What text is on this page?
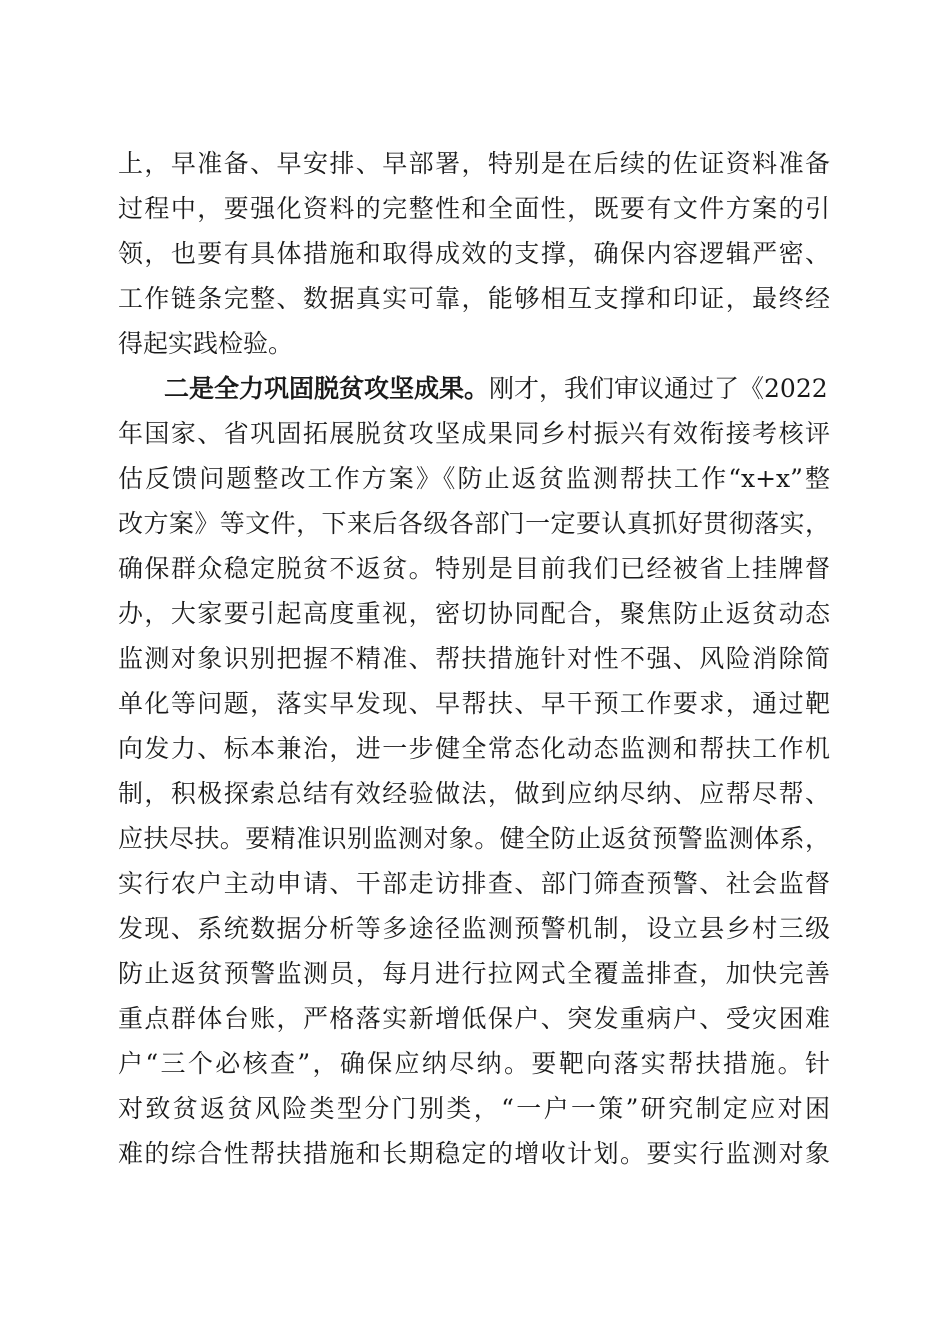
上，早准备、早安排、早部署，特别是在后续的佐证资料准备
过程中，要强化资料的完整性和全面性，既要有文件方案的引
领，也要有具体措施和取得成效的支撑，确保内容逻辑严密、
工作链条完整、数据真实可靠，能够相互支撑和印证，最终经
得起实践检验。
二是全力巩固脱贫攻坚成果。刚才，我们审议通过了《2022
年国家、省巩固拓展脱贫攻坚成果同乡村振兴有效衔接考核评
估反馈问题整改工作方案》《防止返贫监测帮扶工作“x+x”整
改方案》等文件，下来后各级各部门一定要认真抓好贯彻落实，
确保群众稳定脱贫不返贫。特别是目前我们已经被省上挂牌督
办，大家要引起高度重视，密切协同配合，聚焦防止返贫动态
监测对象识别把握不精准、帮扶措施针对性不强、风险消除简
单化等问题，落实早发现、早帮扶、早干预工作要求，通过靶
向发力、标本兼治，进一步健全常态化动态监测和帮扶工作机
制，积极探索总结有效经验做法，做到应纳尽纳、应帮尽帮、
应扶尽扶。要精准识别监测对象。健全防止返贫预警监测体系，
实行农户主动申请、干部走访排查、部门筛查预警、社会监督
发现、系统数据分析等多途径监测预警机制，设立县乡村三级
防止返贫预警监测员，每月进行拉网式全覆盖排查，加快完善
重点群体台账，严格落实新增低保户、突发重病户、受灾困难
户“三个必核查”，确保应纳尽纳。要靶向落实帮扶措施。针
对致贫返贫风险类型分门别类，“一户一策”研究制定应对困
难的综合性帮扶措施和长期稳定的增收计划。要实行监测对象
